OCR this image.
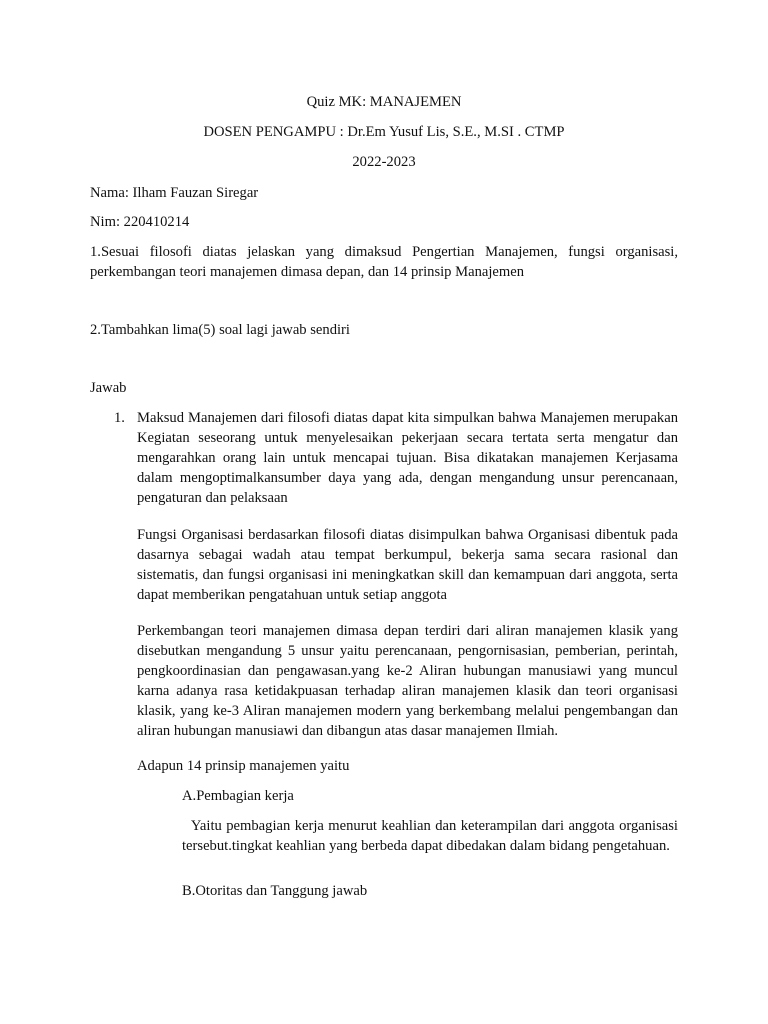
Quiz MK: MANAJEMEN
DOSEN PENGAMPU : Dr.Em Yusuf Lis, S.E., M.SI . CTMP
2022-2023
Nama: Ilham Fauzan Siregar
Nim: 220410214
1.Sesuai filosofi diatas jelaskan yang dimaksud Pengertian Manajemen, fungsi organisasi, perkembangan teori manajemen dimasa depan, dan 14 prinsip Manajemen
2.Tambahkan lima(5) soal lagi jawab sendiri
Jawab
1. Maksud Manajemen dari filosofi diatas dapat kita simpulkan bahwa Manajemen merupakan Kegiatan seseorang untuk menyelesaikan pekerjaan secara tertata serta mengatur dan mengarahkan orang lain untuk mencapai tujuan. Bisa dikatakan manajemen Kerjasama dalam mengoptimalkansumber daya yang ada, dengan mengandung unsur perencanaan, pengaturan dan pelaksaan
Fungsi Organisasi berdasarkan filosofi diatas disimpulkan bahwa Organisasi dibentuk pada dasarnya sebagai wadah atau tempat berkumpul, bekerja sama secara rasional dan sistematis, dan fungsi organisasi ini meningkatkan skill dan kemampuan dari anggota, serta dapat memberikan pengatahuan untuk setiap anggota
Perkembangan teori manajemen dimasa depan terdiri dari aliran manajemen klasik yang disebutkan mengandung 5 unsur yaitu perencanaan, pengornisasian, pemberian, perintah, pengkoordinasian dan pengawasan.yang ke-2 Aliran hubungan manusiawi yang muncul karna adanya rasa ketidakpuasan terhadap aliran manajemen klasik dan teori organisasi klasik, yang ke-3 Aliran manajemen modern yang berkembang melalui pengembangan dan aliran hubungan manusiawi dan dibangun atas dasar manajemen Ilmiah.
Adapun 14 prinsip manajemen yaitu
A.Pembagian kerja
Yaitu pembagian kerja menurut keahlian dan keterampilan dari anggota organisasi tersebut.tingkat keahlian yang berbeda dapat dibedakan dalam bidang pengetahuan.
B.Otoritas dan Tanggung jawab
